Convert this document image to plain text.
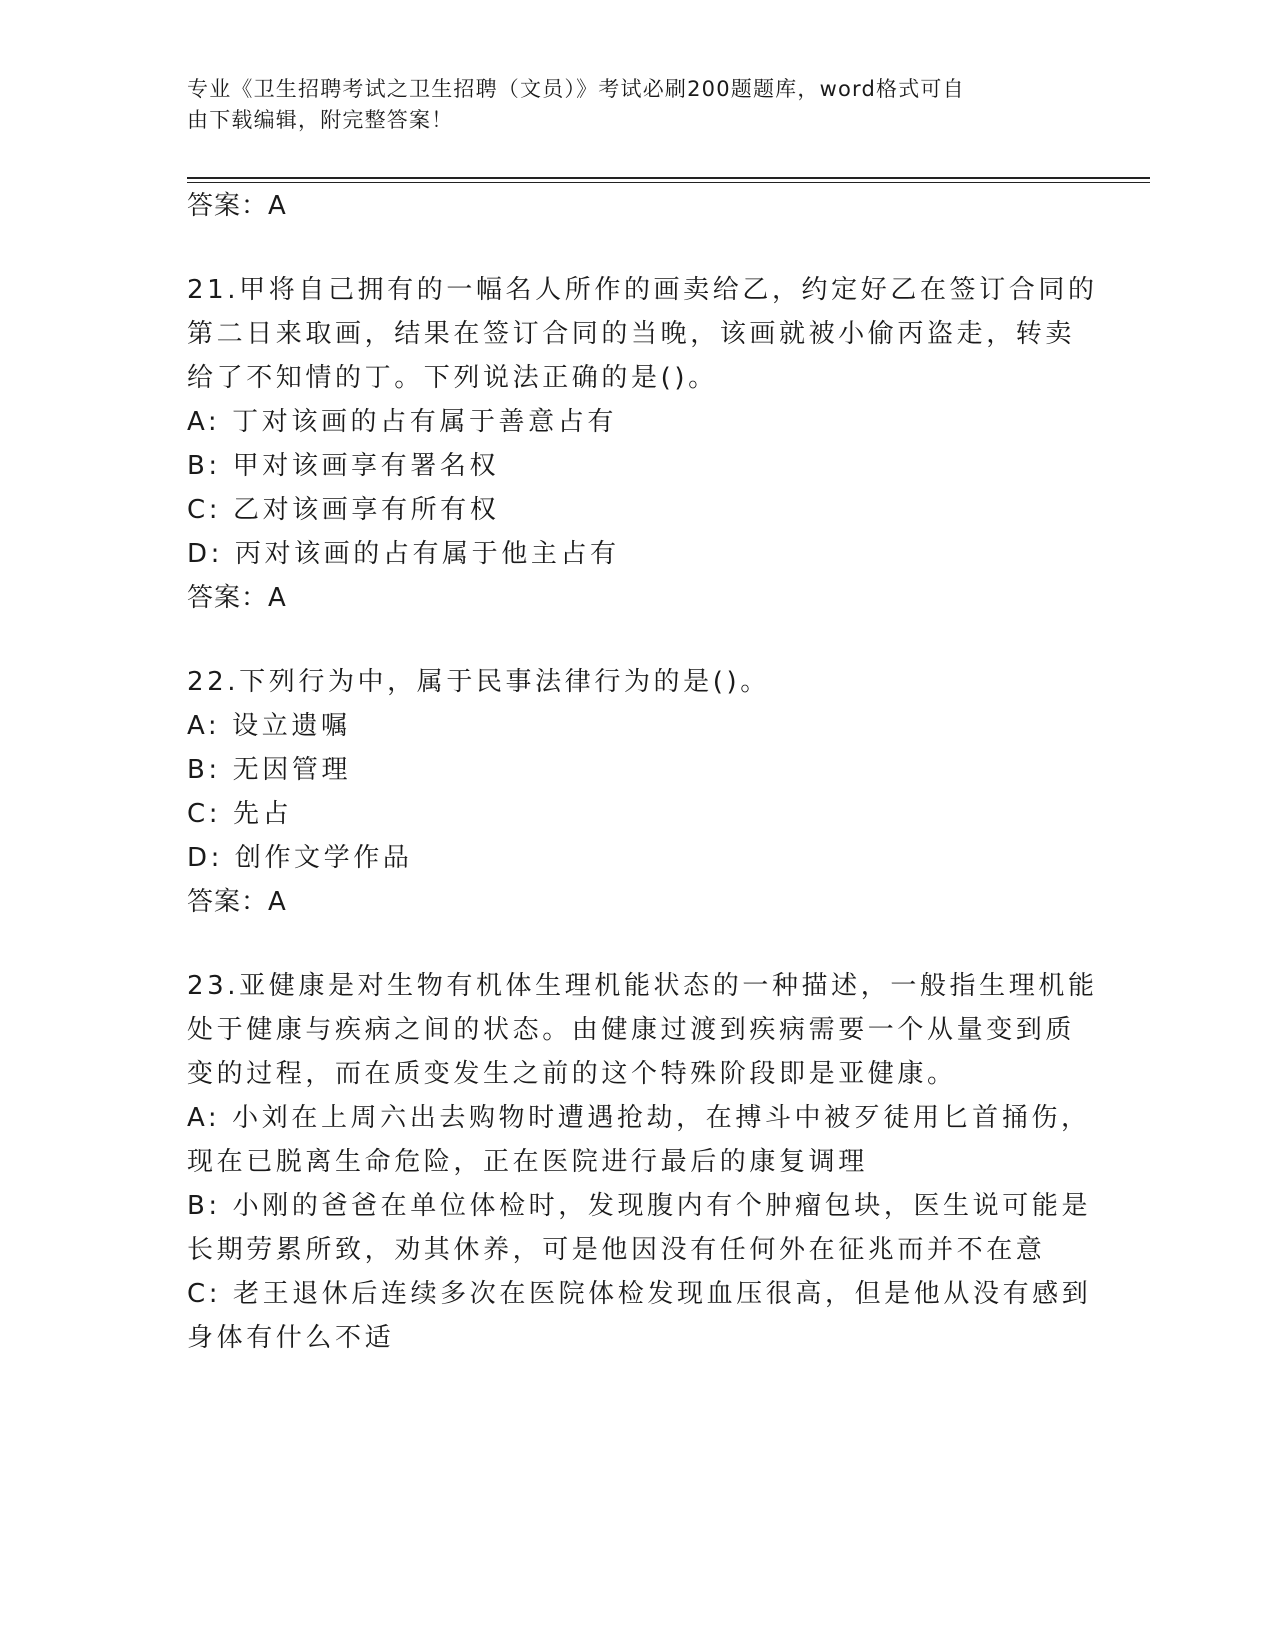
专业《卫生招聘考试之卫生招聘（文员）》考试必刷200题题库，word格式可自
由下载编辑，附完整答案！
答案：A
21.甲将自己拥有的一幅名人所作的画卖给乙，约定好乙在签订合同的
第二日来取画，结果在签订合同的当晚，该画就被小偷丙盗走，转卖
给了不知情的丁。下列说法正确的是()。
A: 丁对该画的占有属于善意占有
B: 甲对该画享有署名权
C: 乙对该画享有所有权
D: 丙对该画的占有属于他主占有
答案：A
22.下列行为中，属于民事法律行为的是()。
A: 设立遗嘱
B: 无因管理
C: 先占
D: 创作文学作品
答案：A
23.亚健康是对生物有机体生理机能状态的一种描述，一般指生理机能
处于健康与疾病之间的状态。由健康过渡到疾病需要一个从量变到质
变的过程，而在质变发生之前的这个特殊阶段即是亚健康。
A: 小刘在上周六出去购物时遭遇抢劫，在搏斗中被歹徒用匕首捅伤，
现在已脱离生命危险，正在医院进行最后的康复调理
B: 小刚的爸爸在单位体检时，发现腹内有个肿瘤包块，医生说可能是
长期劳累所致，劝其休养，可是他因没有任何外在征兆而并不在意
C: 老王退休后连续多次在医院体检发现血压很高，但是他从没有感到
身体有什么不适
